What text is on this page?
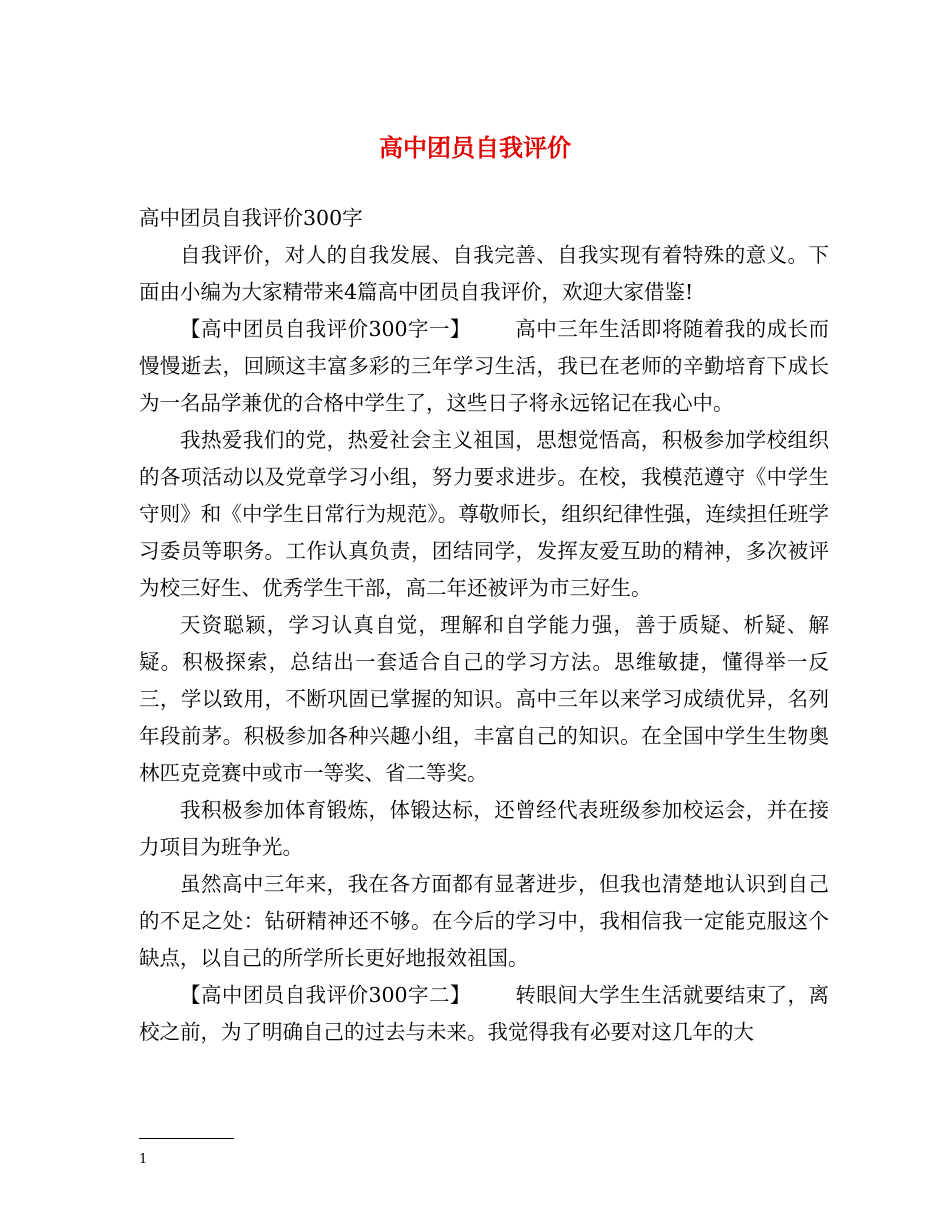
高中团员自我评价

高中团员自我评价300字

自我评价，对人的自我发展、自我完善、自我实现有着特殊的意义。下面由小编为大家精带来4篇高中团员自我评价，欢迎大家借鉴!

【高中团员自我评价300字一】 高中三年生活即将随着我的成长而慢慢逝去，回顾这丰富多彩的三年学习生活，我已在老师的辛勤培育下成长为一名品学兼优的合格中学生了，这些日子将永远铭记在我心中。

我热爱我们的党，热爱社会主义祖国，思想觉悟高，积极参加学校组织的各项活动以及党章学习小组，努力要求进步。在校，我模范遵守《中学生守则》和《中学生日常行为规范》。尊敬师长，组织纪律性强，连续担任班学习委员等职务。工作认真负责，团结同学，发挥友爱互助的精神，多次被评为校三好生、优秀学生干部，高二年还被评为市三好生。

天资聪颖，学习认真自觉，理解和自学能力强，善于质疑、析疑、解疑。积极探索，总结出一套适合自己的学习方法。思维敏捷，懂得举一反三，学以致用，不断巩固已掌握的知识。高中三年以来学习成绩优异，名列年段前茅。积极参加各种兴趣小组，丰富自己的知识。在全国中学生生物奥林匹克竞赛中或市一等奖、省二等奖。

我积极参加体育锻炼，体锻达标，还曾经代表班级参加校运会，并在接力项目为班争光。

虽然高中三年来，我在各方面都有显著进步，但我也清楚地认识到自己的不足之处：钻研精神还不够。在今后的学习中，我相信我一定能克服这个缺点，以自己的所学所长更好地报效祖国。

【高中团员自我评价300字二】 转眼间大学生生活就要结束了，离校之前，为了明确自己的过去与未来。我觉得我有必要对这几年的大

1
